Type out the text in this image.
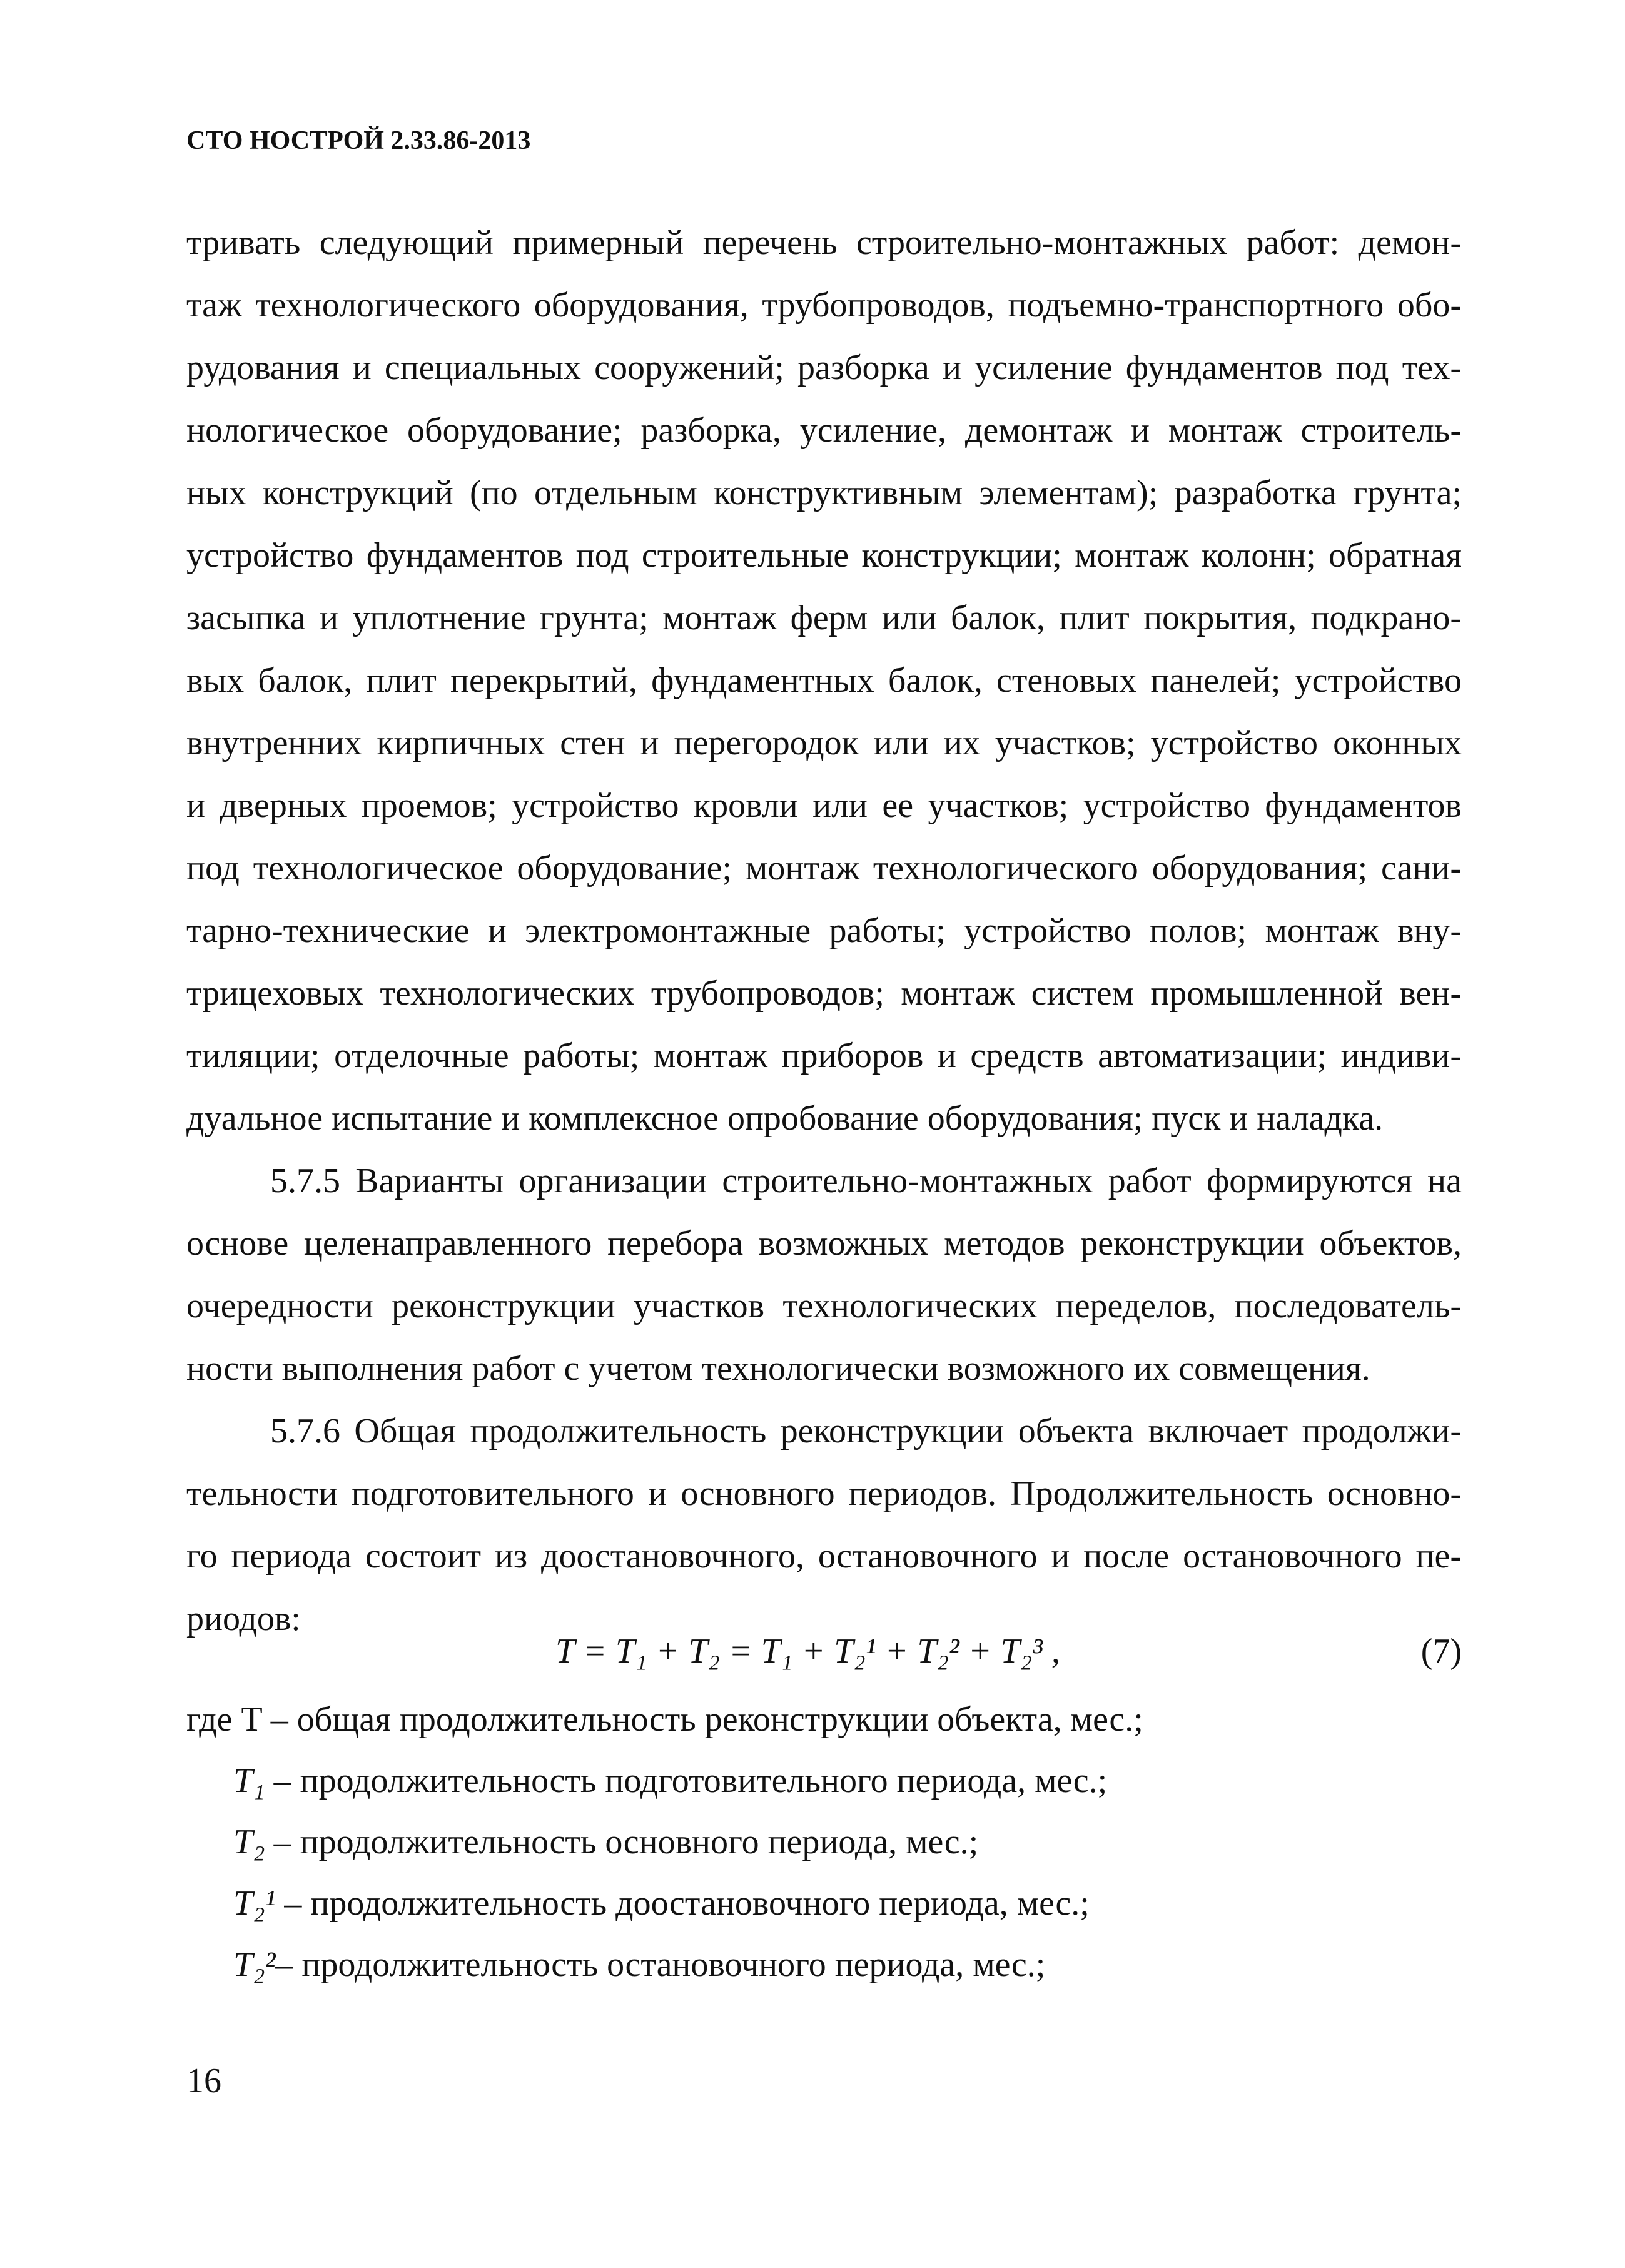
СТО НОСТРОЙ 2.33.86-2013
тривать следующий примерный перечень строительно-монтажных работ: демон-
таж технологического оборудования, трубопроводов, подъемно-транспортного обо-
рудования и специальных сооружений; разборка и усиление фундаментов под тех-
нологическое оборудование; разборка, усиление, демонтаж и монтаж строитель-
ных конструкций (по отдельным конструктивным элементам); разработка грунта;
устройство фундаментов под строительные конструкции; монтаж колонн; обратная
засыпка и уплотнение грунта; монтаж ферм или балок, плит покрытия, подкрано-
вых балок, плит перекрытий, фундаментных балок, стеновых панелей; устройство
внутренних кирпичных стен и перегородок или их участков; устройство оконных
и дверных проемов; устройство кровли или ее участков; устройство фундаментов
под технологическое оборудование; монтаж технологического оборудования; сани-
тарно-технические и электромонтажные работы; устройство полов; монтаж вну-
трицеховых технологических трубопроводов; монтаж систем промышленной вен-
тиляции; отделочные работы; монтаж приборов и средств автоматизации; индиви-
дуальное испытание и комплексное опробование оборудования; пуск и наладка.
5.7.5 Варианты организации строительно-монтажных работ формируются на
основе целенаправленного перебора возможных методов реконструкции объектов,
очередности реконструкции участков технологических переделов, последователь-
ности выполнения работ с учетом технологически возможного их совмещения.
5.7.6 Общая продолжительность реконструкции объекта включает продолжи-
тельности подготовительного и основного периодов. Продолжительность основно-
го периода состоит из доостановочного, остановочного и после остановочного пе-
риодов:
T = T₁ + T₂ = T₁ + T₂¹ + T₂² + T₂³ ,	(7)
где T – общая продолжительность реконструкции объекта, мес.;
T₁ – продолжительность подготовительного периода, мес.;
T₂ – продолжительность основного периода, мес.;
T₂¹ – продолжительность доостановочного периода, мес.;
T₂²– продолжительность остановочного периода, мес.;
16
